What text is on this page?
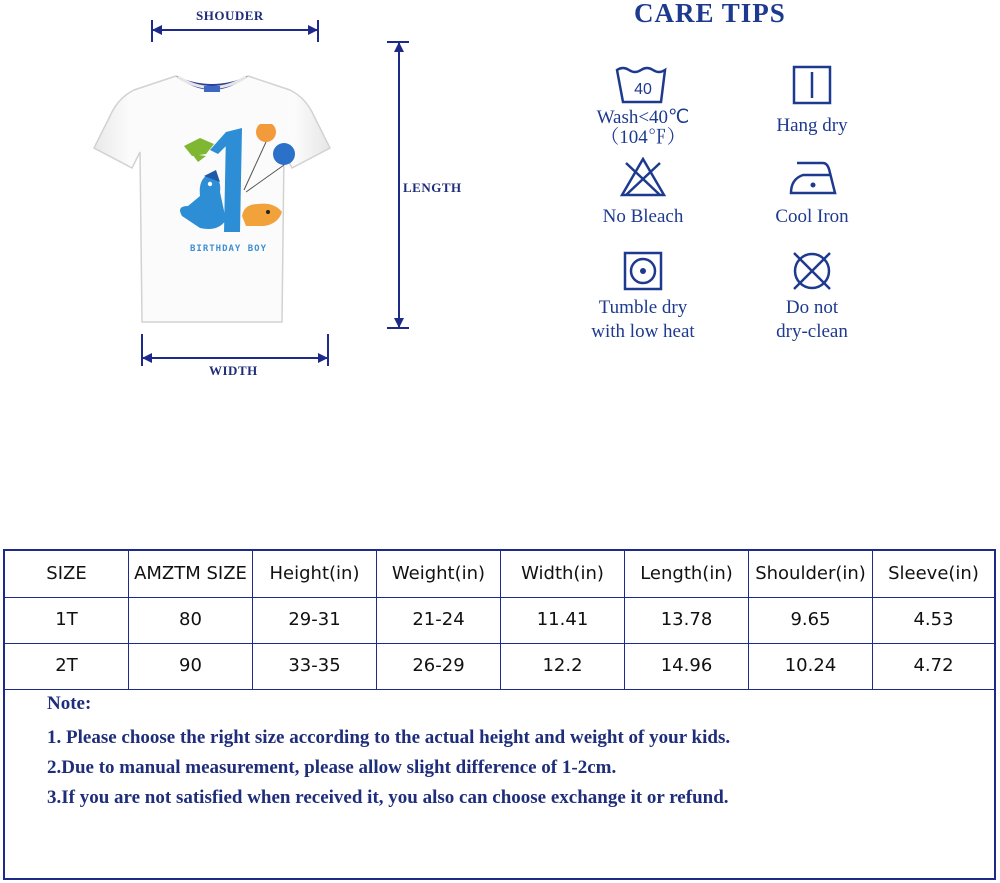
SHOUDER
LENGTH
WIDTH
BIRTHDAY BOY
CARE TIPS
40
Wash<40℃
（104℉）
Hang dry
No Bleach	Cool Iron
Tumble dry
with low heat
Do not
dry-clean
SIZE	AMZTM SIZE	Height(in)	Weight(in)	Width(in)	Length(in)	Shoulder(in)	Sleeve(in)
1T	80	29-31	21-24	11.41	13.78	9.65	4.53
2T	90	33-35	26-29	12.2	14.96	10.24	4.72
Note:
1. Please choose the right size according to the actual height and weight of your kids.
2.Due to manual measurement, please allow slight difference of 1-2cm.
3.If you are not satisfied when received it, you also can choose exchange it or refund.
